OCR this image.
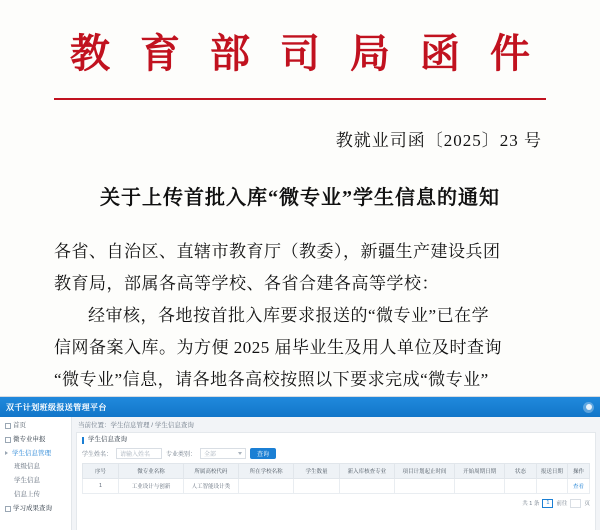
教 育 部 司 局 函 件
教就业司函〔2025〕23 号
关于上传首批入库“微专业”学生信息的通知

各省、自治区、直辖市教育厅（教委），新疆生产建设兵团

教育局，部属各高等学校、各省合建各高等学校：

经审核，各地按首批入库要求报送的“微专业”已在学

信网备案入库。为方便 2025 届毕业生及用人单位及时查询

“微专业”信息，请各地各高校按照以下要求完成“微专业”

双千计划班级报送管理平台
首页
微专业申报
学生信息管理
班级信息
学生信息
信息上传
学习成果查询
当前位置：学生信息管理 / 学生信息查询
学生信息查询
学生姓名：	请输入姓名	专业类别：	全部	查询
序号	微专业名称	所属高校代码	所在学校名称	学生数量	新入库核查专业	项目计划起止时间	开始周期日期	状态	报送日期	操作
1	工业设计与创新	人工智能设计类								查看
共 1 条	1	前往
	页
